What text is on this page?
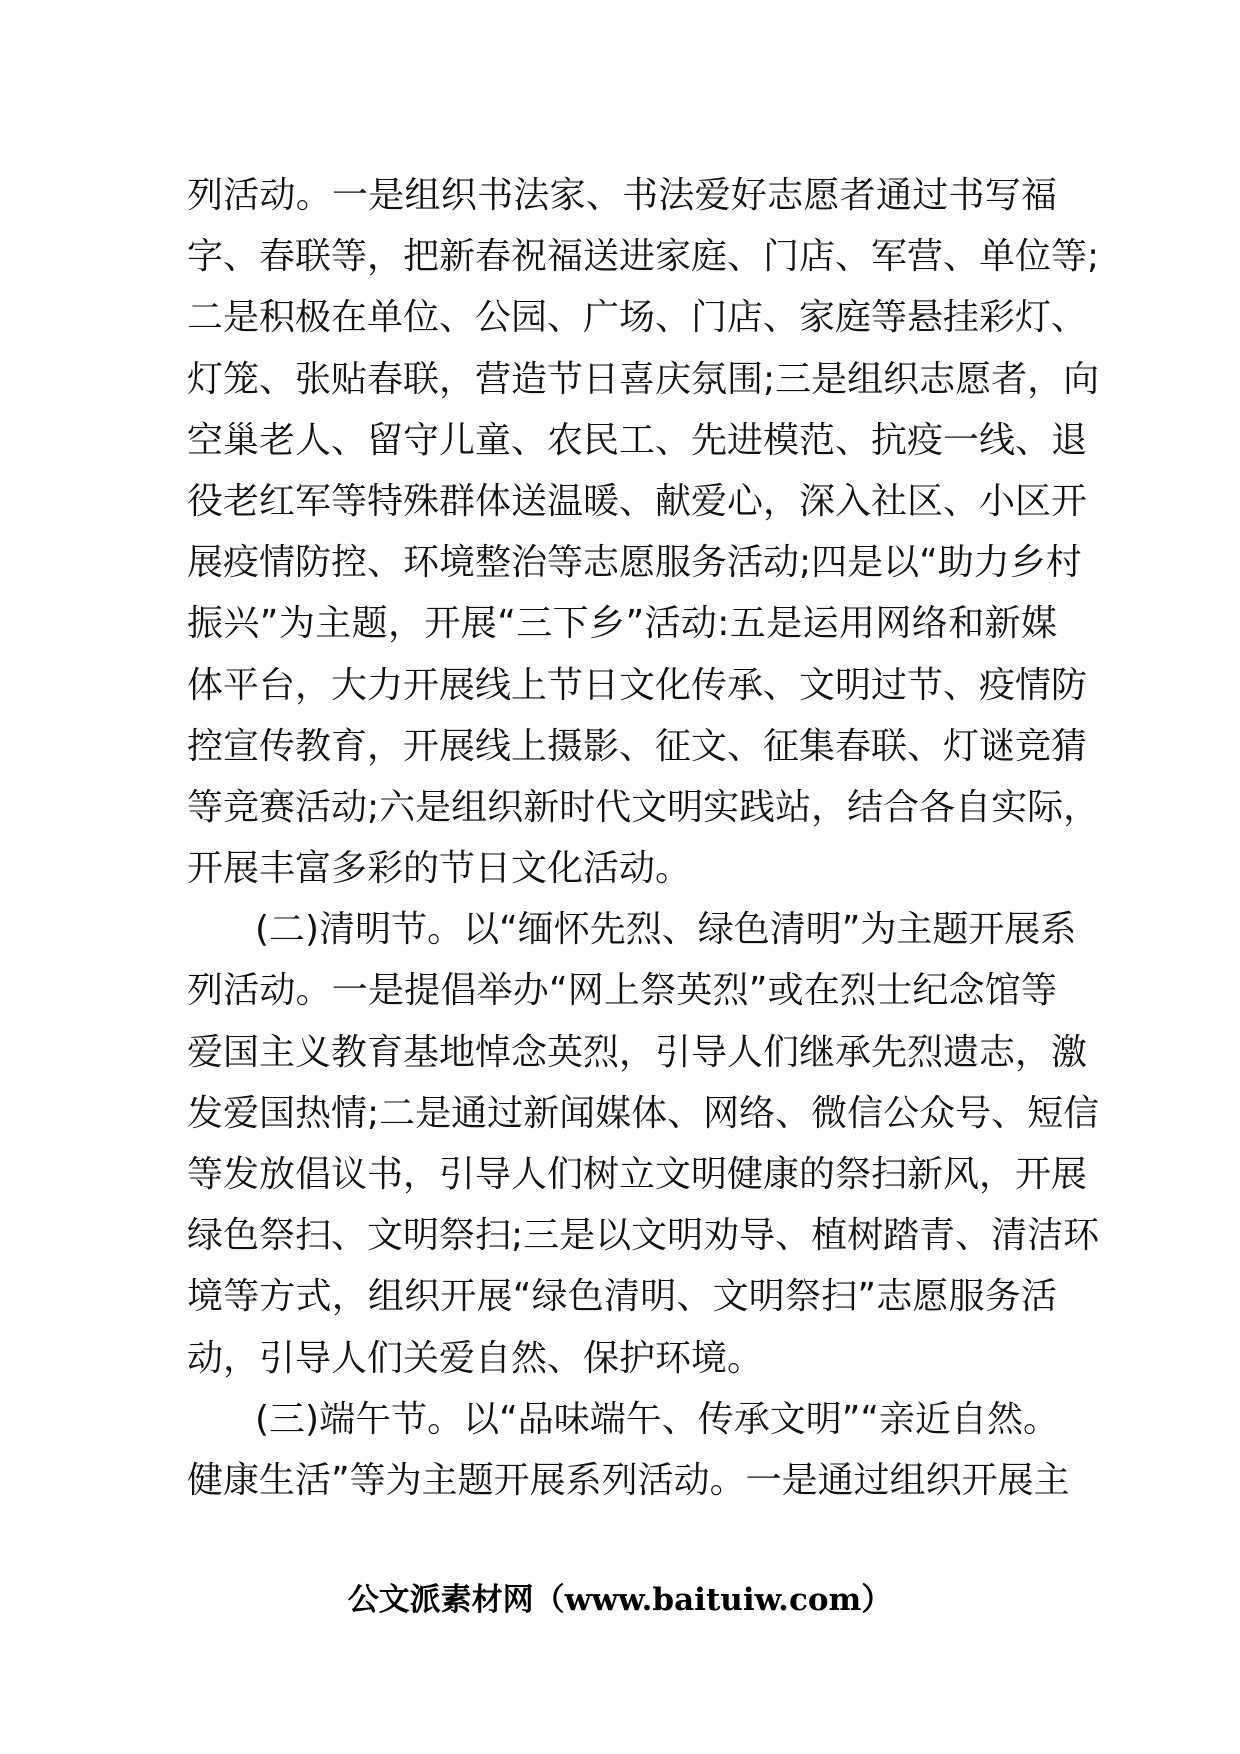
列活动。一是组织书法家、书法爱好志愿者通过书写福
字、春联等，把新春祝福送进家庭、门店、军营、单位等;
二是积极在单位、公园、广场、门店、家庭等悬挂彩灯、
灯笼、张贴春联，营造节日喜庆氛围;三是组织志愿者，向
空巢老人、留守儿童、农民工、先进模范、抗疫一线、退
役老红军等特殊群体送温暖、献爱心，深入社区、小区开
展疫情防控、环境整治等志愿服务活动;四是以“助力乡村
振兴”为主题，开展“三下乡”活动:五是运用网络和新媒
体平台，大力开展线上节日文化传承、文明过节、疫情防
控宣传教育，开展线上摄影、征文、征集春联、灯谜竞猜
等竞赛活动;六是组织新时代文明实践站，结合各自实际，
开展丰富多彩的节日文化活动。
(二)清明节。以“缅怀先烈、绿色清明”为主题开展系
列活动。一是提倡举办“网上祭英烈”或在烈士纪念馆等
爱国主义教育基地悼念英烈，引导人们继承先烈遗志，激
发爱国热情;二是通过新闻媒体、网络、微信公众号、短信
等发放倡议书，引导人们树立文明健康的祭扫新风，开展
绿色祭扫、文明祭扫;三是以文明劝导、植树踏青、清洁环
境等方式，组织开展“绿色清明、文明祭扫”志愿服务活
动，引导人们关爱自然、保护环境。
(三)端午节。以“品味端午、传承文明”“亲近自然。
健康生活”等为主题开展系列活动。一是通过组织开展主
公文派素材网（www.baituiw.com）
